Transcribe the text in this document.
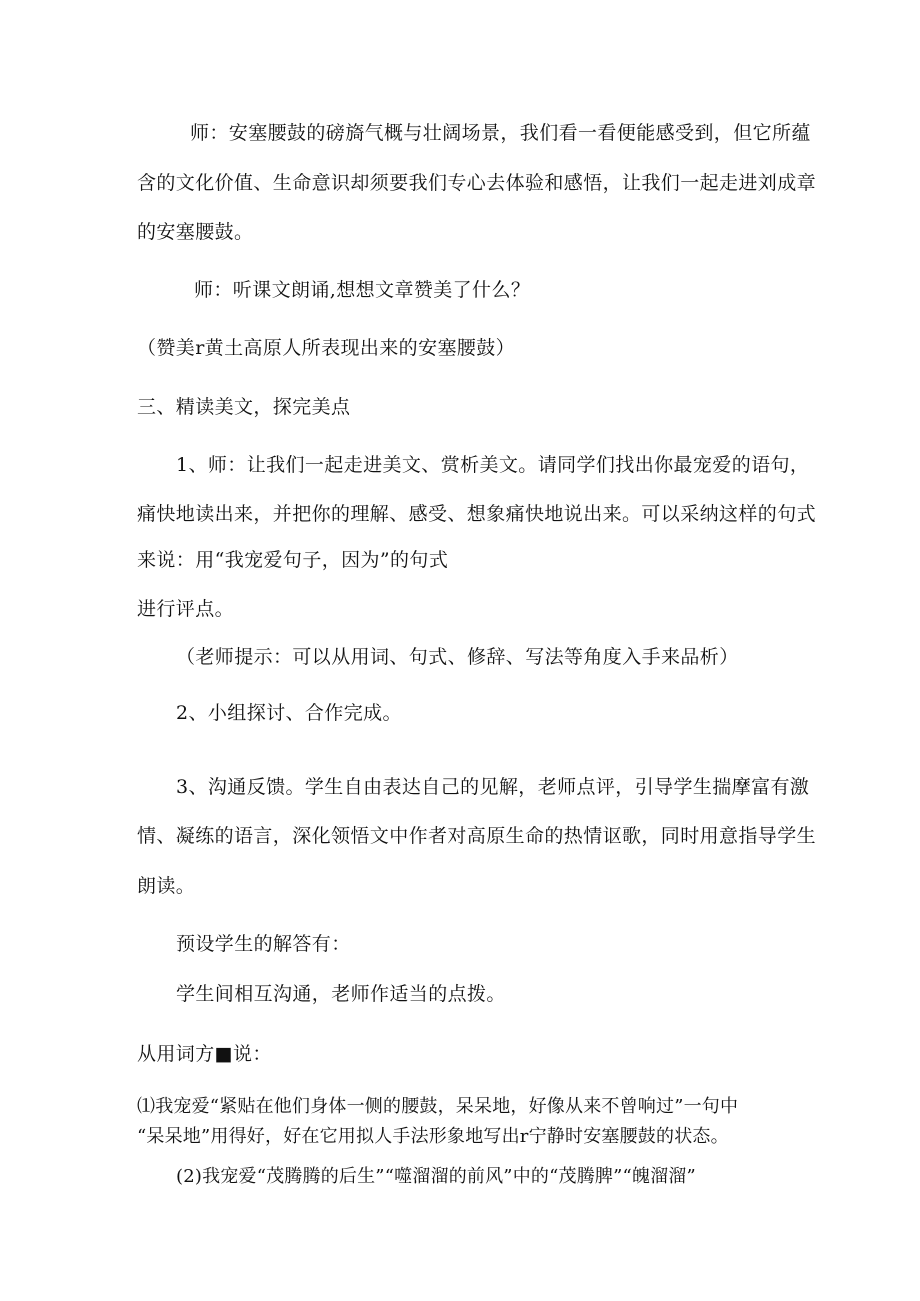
师：安塞腰鼓的磅旖气概与壮阔场景，我们看一看便能感受到，但它所蕴
含的文化价值、生命意识却须要我们专心去体验和感悟，让我们一起走进刘成章
的安塞腰鼓。
师：听课文朗诵,想想文章赞美了什么？
（赞美r黄土高原人所表现出来的安塞腰鼓）
三、精读美文，探完美点
1、师：让我们一起走进美文、赏析美文。请同学们找出你最宠爱的语句，
痛快地读出来，并把你的理解、感受、想象痛快地说出来。可以采纳这样的句式
来说：用“我宠爱句子，因为”的句式
进行评点。
（老师提示：可以从用词、句式、修辞、写法等角度入手来品析）
2、小组探讨、合作完成。
3、沟通反馈。学生自由表达自己的见解，老师点评，引导学生揣摩富有激
情、凝练的语言，深化领悟文中作者对高原生命的热情讴歌，同时用意指导学生
朗读。
预设学生的解答有：
学生间相互沟通，老师作适当的点拨。
从用词方■说：
⑴我宠爱“紧贴在他们身体一侧的腰鼓，呆呆地，好像从来不曾响过”一句中
“呆呆地”用得好，好在它用拟人手法形象地写出r宁静时安塞腰鼓的状态。
(2)我宠爱“茂腾腾的后生”“噬溜溜的前风”中的“茂腾脾”“魄溜溜”
